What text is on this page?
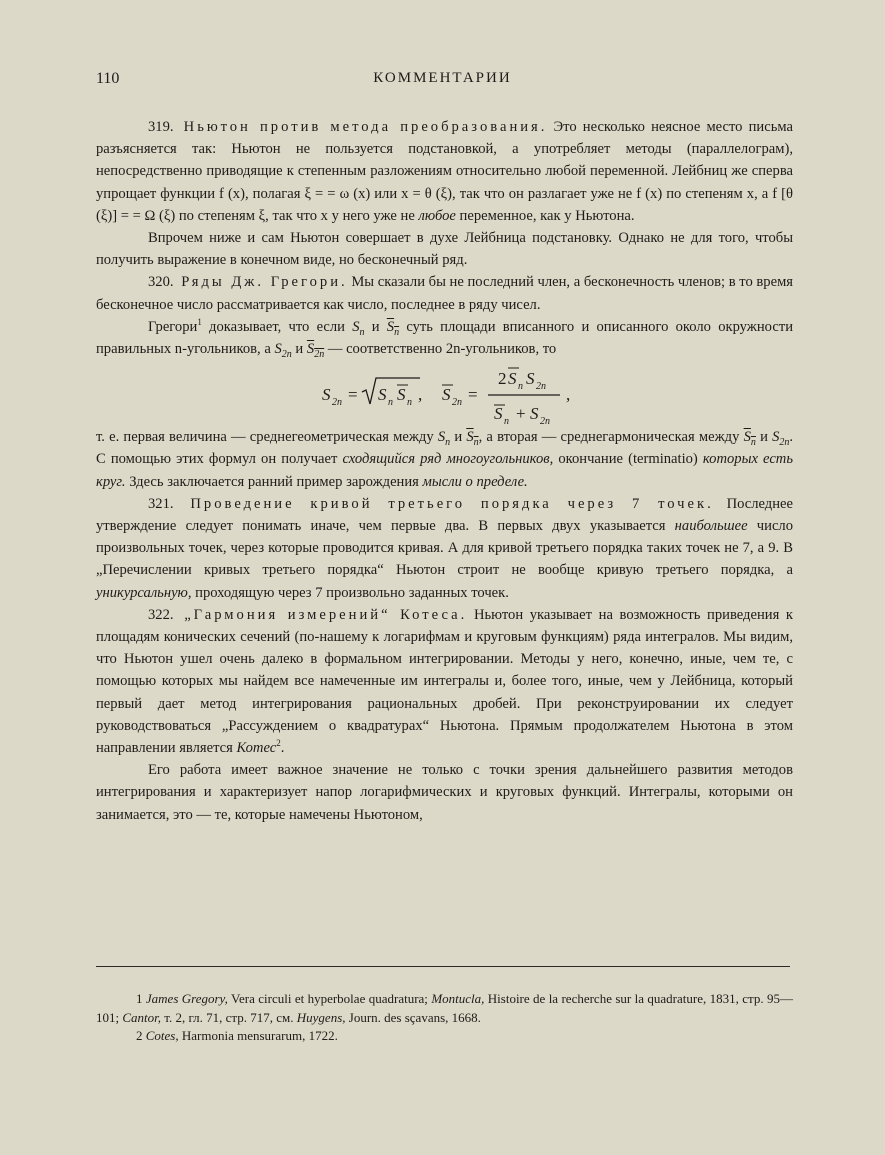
110	КОММЕНТАРИИ

319. Ньютон против метода преобразования. Это несколько неясное место письма разъясняется так: Ньютон не пользуется подстановкой, а употребляет методы (параллелограм), непосредственно приводящие к степенным разложениям относительно любой переменной. Лейбниц же сперва упрощает функции f (x), полагая ξ = = ω (x) или x = θ (ξ), так что он разлагает уже не f (x) по степеням x, а f [θ (ξ)] = = Ω (ξ) по степеням ξ, так что x у него уже не любое переменное, как у Ньютона.

Впрочем ниже и сам Ньютон совершает в духе Лейбница подстановку. Однако не для того, чтобы получить выражение в конечном виде, но бесконечный ряд.

320. Ряды Дж. Грегори. Мы сказали бы не последний член, а бесконечность членов; в то время бесконечное число рассматривается как число, последнее в ряду чисел.

Грегори$^1$ доказывает, что если $S_n$ и $S_n$ суть площади вписанного и описанного около окружности правильных n-угольников, а $S_{2n}$ и $S_{2n}$ — соответственно 2n-угольников, то

S 2n = S n S n , S 2n =
2 S n S 2n
S n + S 2n
,

т. е. первая величина — среднегеометрическая между $S_n$ и $S_n$, а вторая — среднегармоническая между $S_n$ и $S_{2n}$. С помощью этих формул он получает сходящийся ряд многоугольников, окончание (terminatio) которых есть круг. Здесь заключается ранний пример зарождения мысли о пределе.

321. Проведение кривой третьего порядка через 7 точек. Последнее утверждение следует понимать иначе, чем первые два. В первых двух указывается наибольшее число произвольных точек, через которые проводится кривая. А для кривой третьего порядка таких точек не 7, а 9. В „Перечислении кривых третьего порядка“ Ньютон строит не вообще кривую третьего порядка, а уникурсальную, проходящую через 7 произвольно заданных точек.

322. „Гармония измерений“ Котеса. Ньютон указывает на возможность приведения к площадям конических сечений (по-нашему к логарифмам и круговым функциям) ряда интегралов. Мы видим, что Ньютон ушел очень далеко в формальном интегрировании. Методы у него, конечно, иные, чем те, с помощью которых мы найдем все намеченные им интегралы и, более того, иные, чем у Лейбница, который первый дает метод интегрирования рациональных дробей. При реконструировании их следует руководствоваться „Рассуждением о квадратурах“ Ньютона. Прямым продолжателем Ньютона в этом направлении является Котес$^2$.

Его работа имеет важное значение не только с точки зрения дальнейшего развития методов интегрирования и характеризует напор логарифмических и круговых функций. Интегралы, которыми он занимается, это — те, которые намечены Ньютоном,

1 James Gregory, Vera circuli et hyperbolae quadratura; Montucla, Histoire de la recherche sur la quadrature, 1831, стр. 95—101; Cantor, т. 2, гл. 71, стр. 717, см. Huygens, Journ. des sçavans, 1668.

2 Cotes, Harmonia mensurarum, 1722.
